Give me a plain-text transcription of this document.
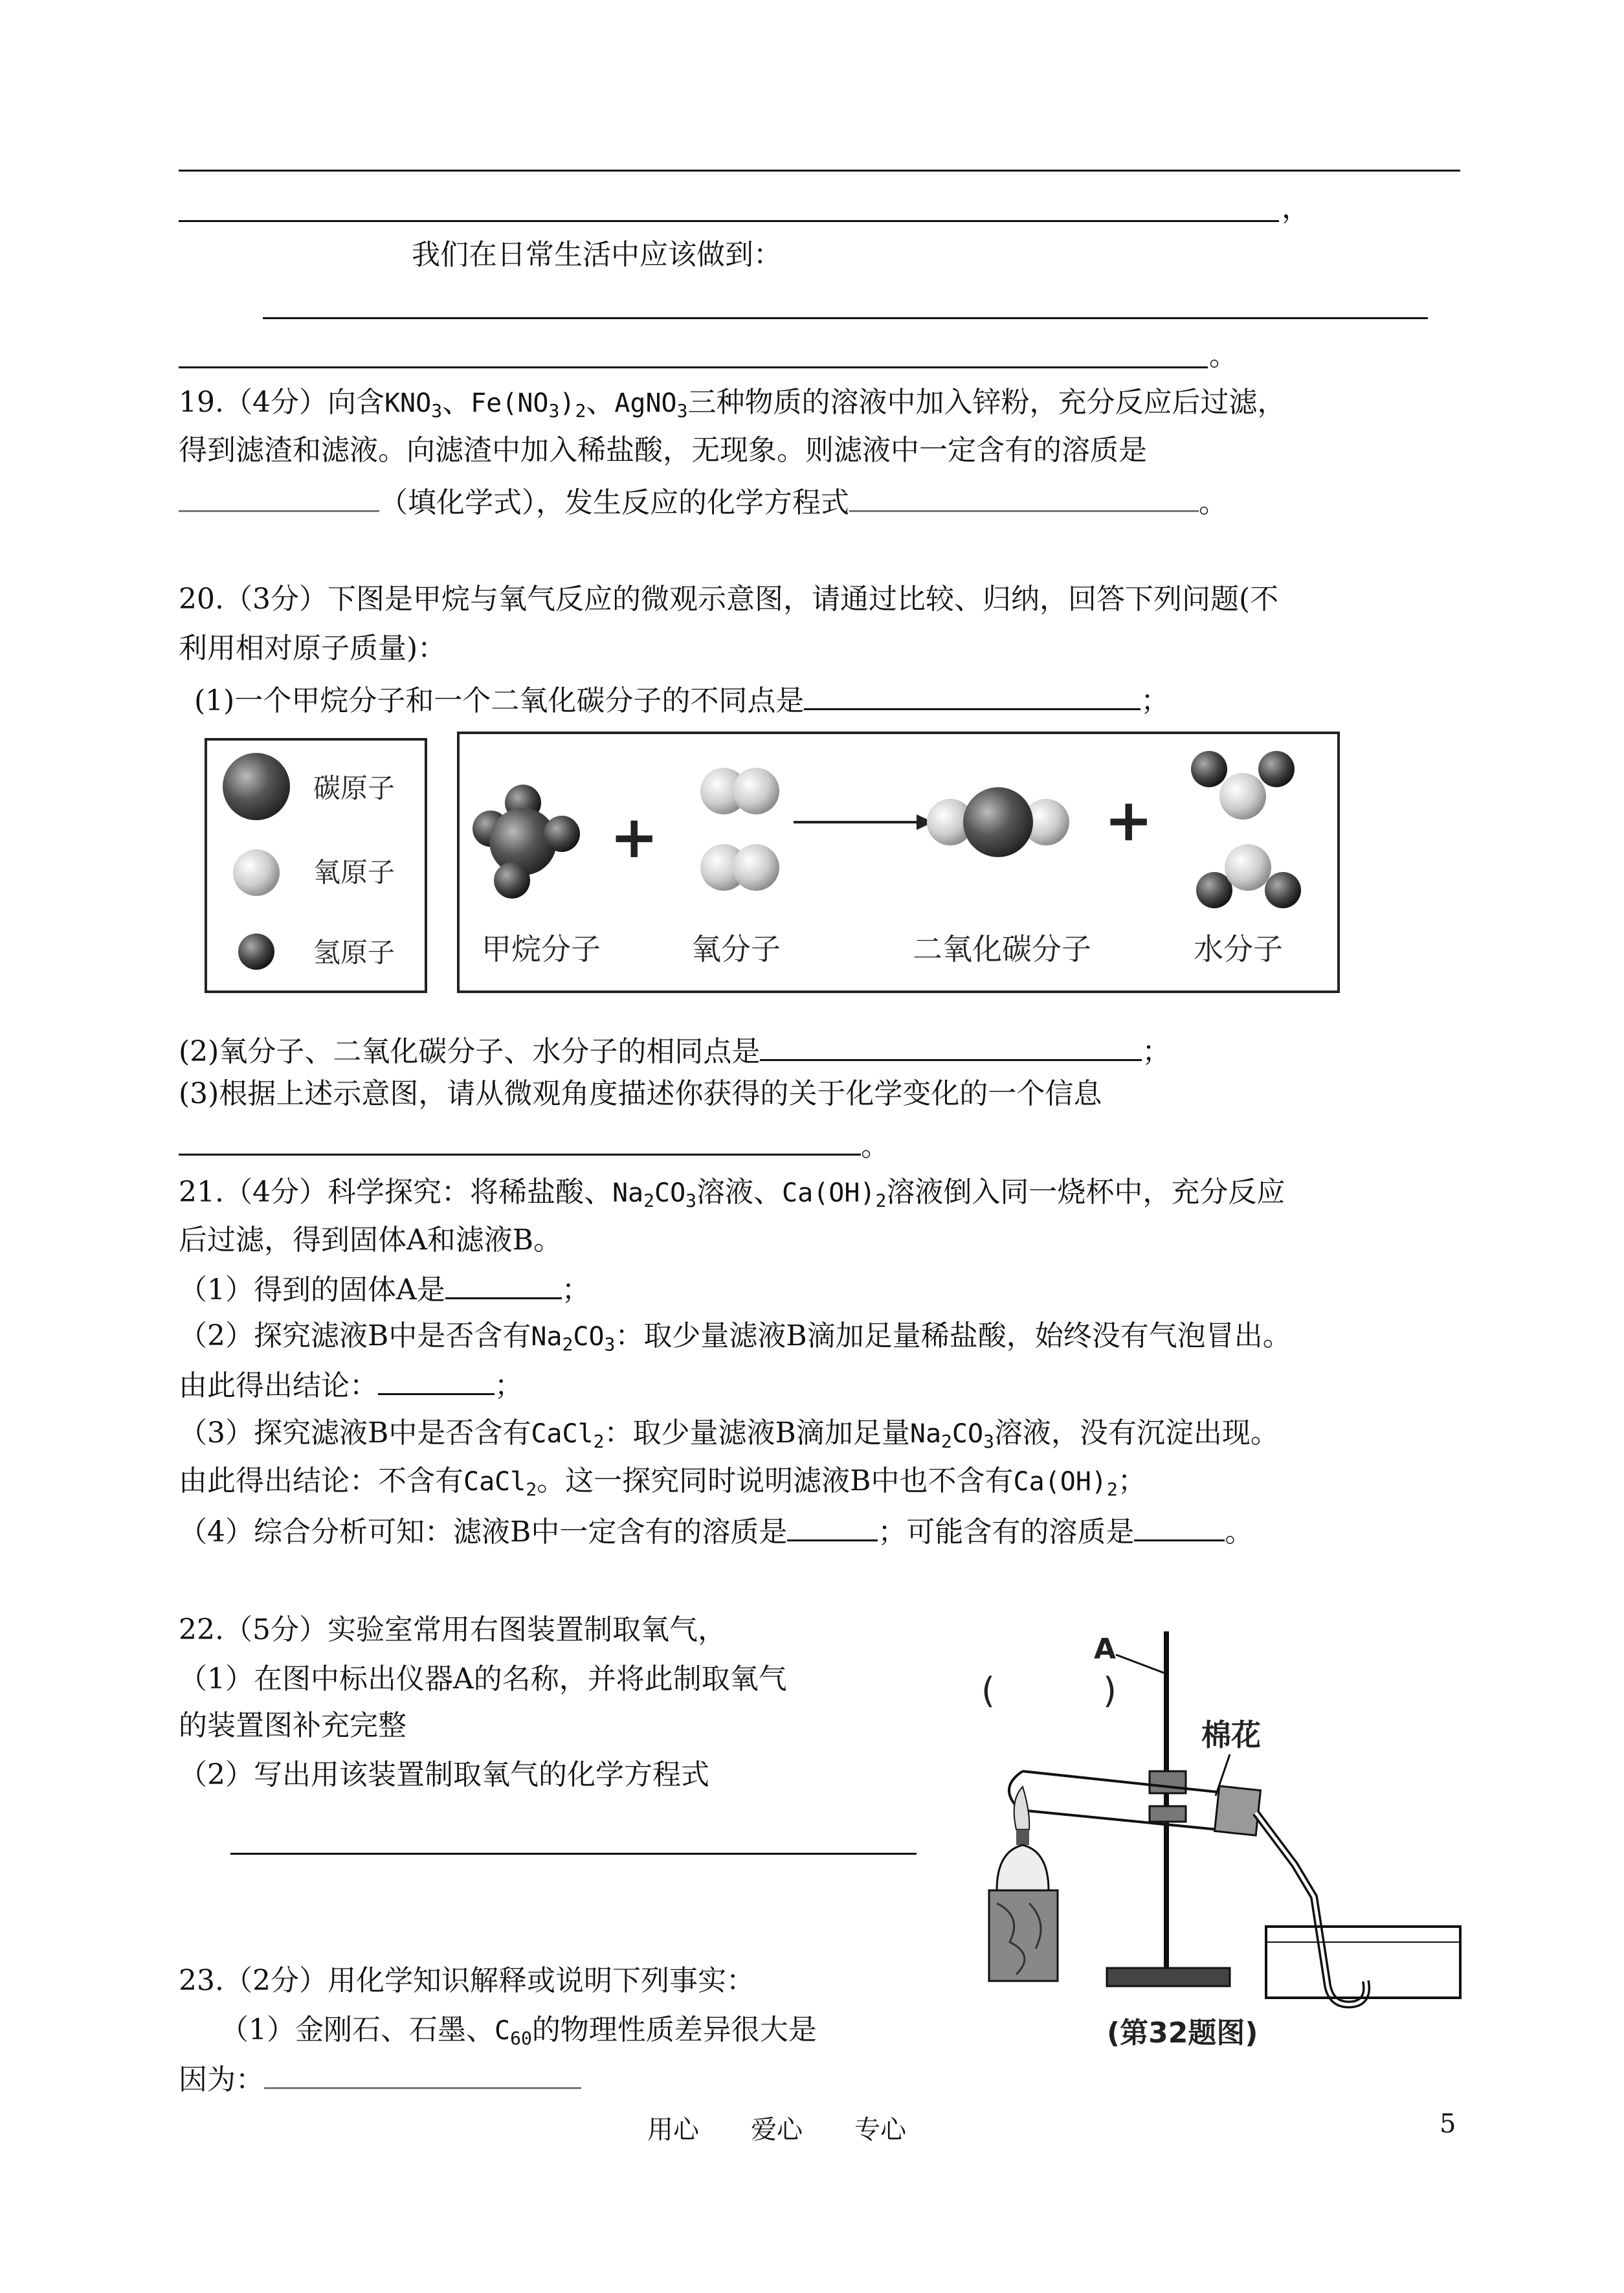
，
我们在日常生活中应该做到：
。
19.（4分）向含$KNO_3$、$Fe(NO_3)_2$、AgNO$_3$三种物质的溶液中加入锌粉，充分反应后过滤，
得到滤渣和滤液。向滤渣中加入稀盐酸，无现象。则滤液中一定含有的溶质是
（填化学式），发生反应的化学方程式	。
20.（3分）下图是甲烷与氧气反应的微观示意图，请通过比较、归纳，回答下列问题(不
利用相对原子质量)：
(1)一个甲烷分子和一个二氧化碳分子的不同点是	；
碳原子
氧原子
氢原子
+	+
甲烷分子	氧分子	二氧化碳分子	水分子
(2)氧分子、二氧化碳分子、水分子的相同点是	；
(3)根据上述示意图，请从微观角度描述你获得的关于化学变化的一个信息
。
21.（4分）科学探究：将稀盐酸、$Na_2CO_3$溶液、$Ca(OH)_2$溶液倒入同一烧杯中，充分反应
后过滤，得到固体A和滤液B。
（1）得到的固体A是	；
（2）探究滤液B中是否含有$Na_2CO_3$：取少量滤液B滴加足量稀盐酸，始终没有气泡冒出。
由此得出结论：	；
（3）探究滤液B中是否含有CaCl$_2$：取少量滤液B滴加足量$Na_2CO_3$溶液，没有沉淀出现。
由此得出结论：不含有CaCl$_2$。这一探究同时说明滤液B中也不含有$Ca(OH)_2$；
（4）综合分析可知：滤液B中一定含有的溶质是	；可能含有的溶质是	。
22.（5分）实验室常用右图装置制取氧气，
（1）在图中标出仪器A的名称，并将此制取氧气
的装置图补充完整
（2）写出用该装置制取氧气的化学方程式
A
(	)
棉花
(第32题图)
23.（2分）用化学知识解释或说明下列事实：
（1）金刚石、石墨、$C_{60}$的物理性质差异很大是
因为：
用心　　爱心　　专心	5
